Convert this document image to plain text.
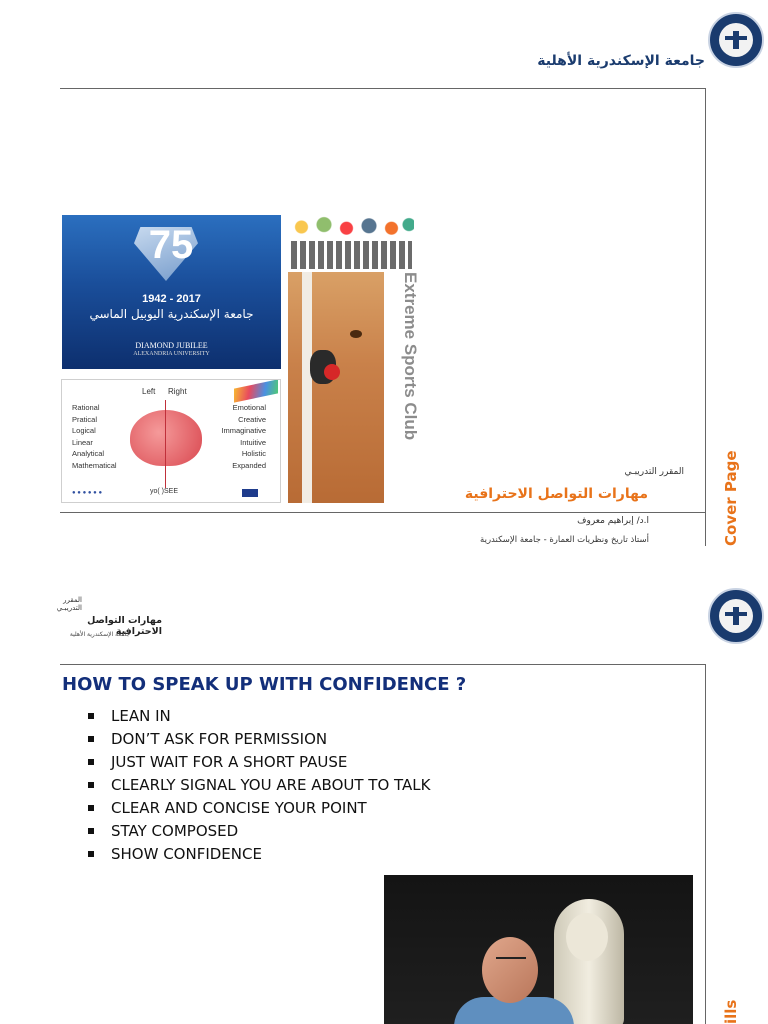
جامعة الإسكندرية الأهلية
Cover Page
75
1942 - 2017
جامعة الإسكندرية اليوبيل الماسي
DIAMOND JUBILEE
ALEXANDRIA UNIVERSITY
Left Right
Rational
Pratical
Logical
Linear
Analytical
Mathematical
Emotional
Creative
Immaginative
Intuitive
Holistic
Expanded
● ● ● ● ● ●	yo( )SEE
Extreme Sports Club
المقرر التدريبـي
مهارات التواصل الاحترافية
ا.د/ إبراهيم معروف
أستاذ تاريخ ونظريات العمارة - جامعة الإسكندرية
المقرر التدريبـي
مهارات التواصل الاحترافية
جامعة الإسكندرية الأهلية
HOW TO SPEAK UP WITH CONFIDENCE ?
LEAN IN
DON’T ASK FOR PERMISSION
JUST WAIT FOR A SHORT PAUSE
CLEARLY SIGNAL YOU ARE ABOUT TO TALK
CLEAR AND CONCISE YOUR POINT
STAY COMPOSED
SHOW CONFIDENCE
ills
